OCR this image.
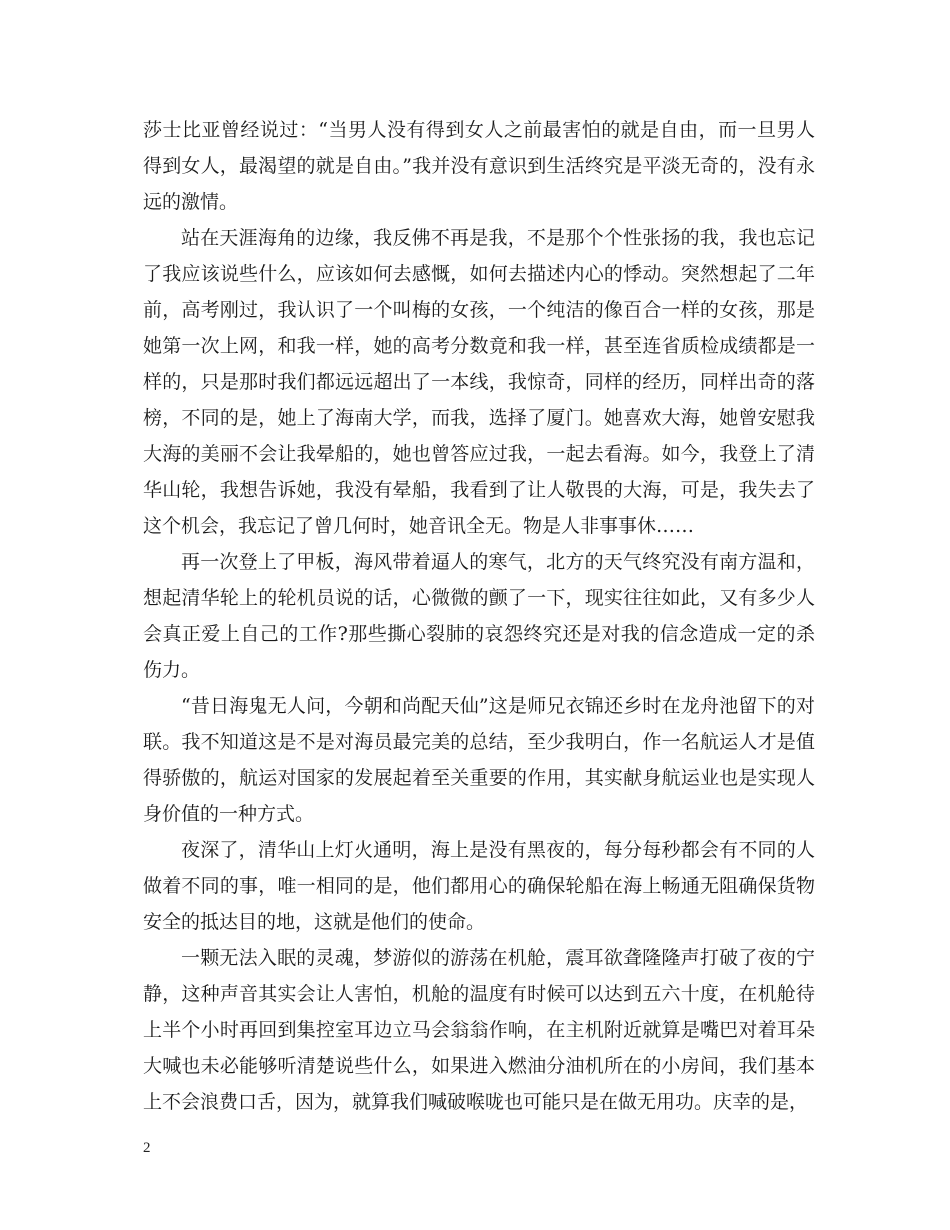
莎士比亚曾经说过：“当男人没有得到女人之前最害怕的就是自由，而一旦男人得到女人，最渴望的就是自由。”我并没有意识到生活终究是平淡无奇的，没有永远的激情。

站在天涯海角的边缘，我反佛不再是我，不是那个个性张扬的我，我也忘记了我应该说些什么，应该如何去感慨，如何去描述内心的悸动。突然想起了二年前，高考刚过，我认识了一个叫梅的女孩，一个纯洁的像百合一样的女孩，那是她第一次上网，和我一样，她的高考分数竟和我一样，甚至连省质检成绩都是一样的，只是那时我们都远远超出了一本线，我惊奇，同样的经历，同样出奇的落榜，不同的是，她上了海南大学，而我，选择了厦门。她喜欢大海，她曾安慰我大海的美丽不会让我晕船的，她也曾答应过我，一起去看海。如今，我登上了清华山轮，我想告诉她，我没有晕船，我看到了让人敬畏的大海，可是，我失去了这个机会，我忘记了曾几何时，她音讯全无。物是人非事事休……

再一次登上了甲板，海风带着逼人的寒气，北方的天气终究没有南方温和，想起清华轮上的轮机员说的话，心微微的颤了一下，现实往往如此，又有多少人会真正爱上自己的工作?那些撕心裂肺的哀怨终究还是对我的信念造成一定的杀伤力。

“昔日海鬼无人问，今朝和尚配天仙”这是师兄衣锦还乡时在龙舟池留下的对联。我不知道这是不是对海员最完美的总结，至少我明白，作一名航运人才是值得骄傲的，航运对国家的发展起着至关重要的作用，其实献身航运业也是实现人身价值的一种方式。

夜深了，清华山上灯火通明，海上是没有黑夜的，每分每秒都会有不同的人做着不同的事，唯一相同的是，他们都用心的确保轮船在海上畅通无阻确保货物安全的抵达目的地，这就是他们的使命。

一颗无法入眠的灵魂，梦游似的游荡在机舱，震耳欲聋隆隆声打破了夜的宁静，这种声音其实会让人害怕，机舱的温度有时候可以达到五六十度，在机舱待上半个小时再回到集控室耳边立马会翁翁作响，在主机附近就算是嘴巴对着耳朵大喊也未必能够听清楚说些什么，如果进入燃油分油机所在的小房间，我们基本上不会浪费口舌，因为，就算我们喊破喉咙也可能只是在做无用功。庆幸的是，

2
